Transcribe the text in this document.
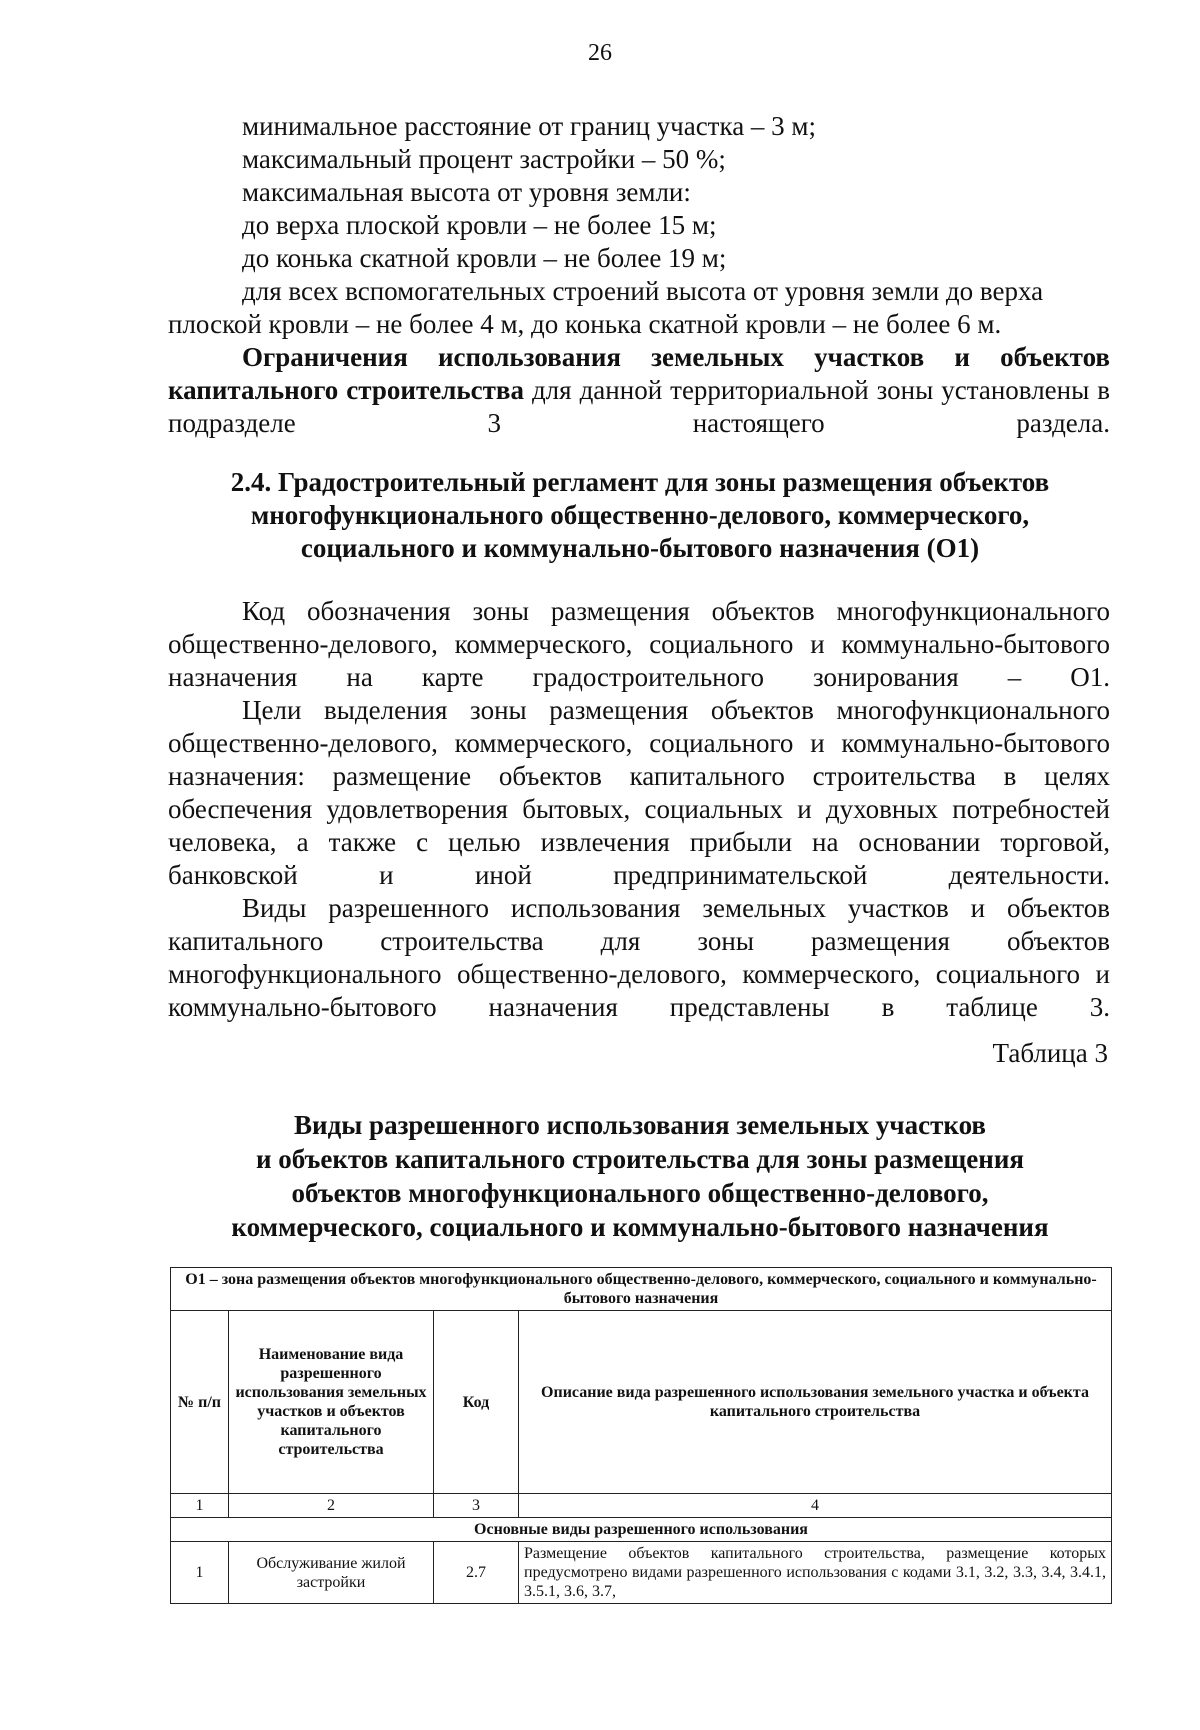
26

минимальное расстояние от границ участка – 3 м;

максимальный процент застройки – 50 %;

максимальная высота от уровня земли:

до верха плоской кровли – не более 15 м;

до конька скатной кровли – не более 19 м;

для всех вспомогательных строений высота от уровня земли до верха

плоской кровли – не более 4 м, до конька скатной кровли – не более 6 м.

Ограничения использования земельных участков и объектов капитального строительства для данной территориальной зоны установлены в подразделе 3 настоящего раздела.

2.4. Градостроительный регламент для зоны размещения объектов
многофункционального общественно-делового, коммерческого,
социального и коммунально-бытового назначения (О1)

Код обозначения зоны размещения объектов многофункционального общественно-делового, коммерческого, социального и коммунально-бытового назначения на карте градостроительного зонирования – О1.

Цели выделения зоны размещения объектов многофункционального общественно-делового, коммерческого, социального и коммунально-бытового назначения: размещение объектов капитального строительства в целях обеспечения удовлетворения бытовых, социальных и духовных потребностей человека, а также с целью извлечения прибыли на основании торговой, банковской и иной предпринимательской деятельности.

Виды разрешенного использования земельных участков и объектов капитального строительства для зоны размещения объектов многофункционального общественно-делового, коммерческого, социального и коммунально-бытового назначения представлены в таблице 3.

Таблица 3
Виды разрешенного использования земельных участков
и объектов капитального строительства для зоны размещения
объектов многофункционального общественно-делового,
коммерческого, социального и коммунально-бытового назначения
О1 – зона размещения объектов многофункционального общественно-делового, коммерческого, социального и коммунально-бытового назначения			
№ п/п	Наименование вида разрешенного использования земельных участков и объектов капитального строительства	Код	Описание вида разрешенного использования земельного участка и объекта капитального строительства
1	2	3	4
Основные виды разрешенного использования			
1	Обслуживание жилой застройки	2.7	Размещение объектов капитального строительства, размещение которых предусмотрено видами разрешенного использования с кодами 3.1, 3.2, 3.3, 3.4, 3.4.1, 3.5.1, 3.6, 3.7,
